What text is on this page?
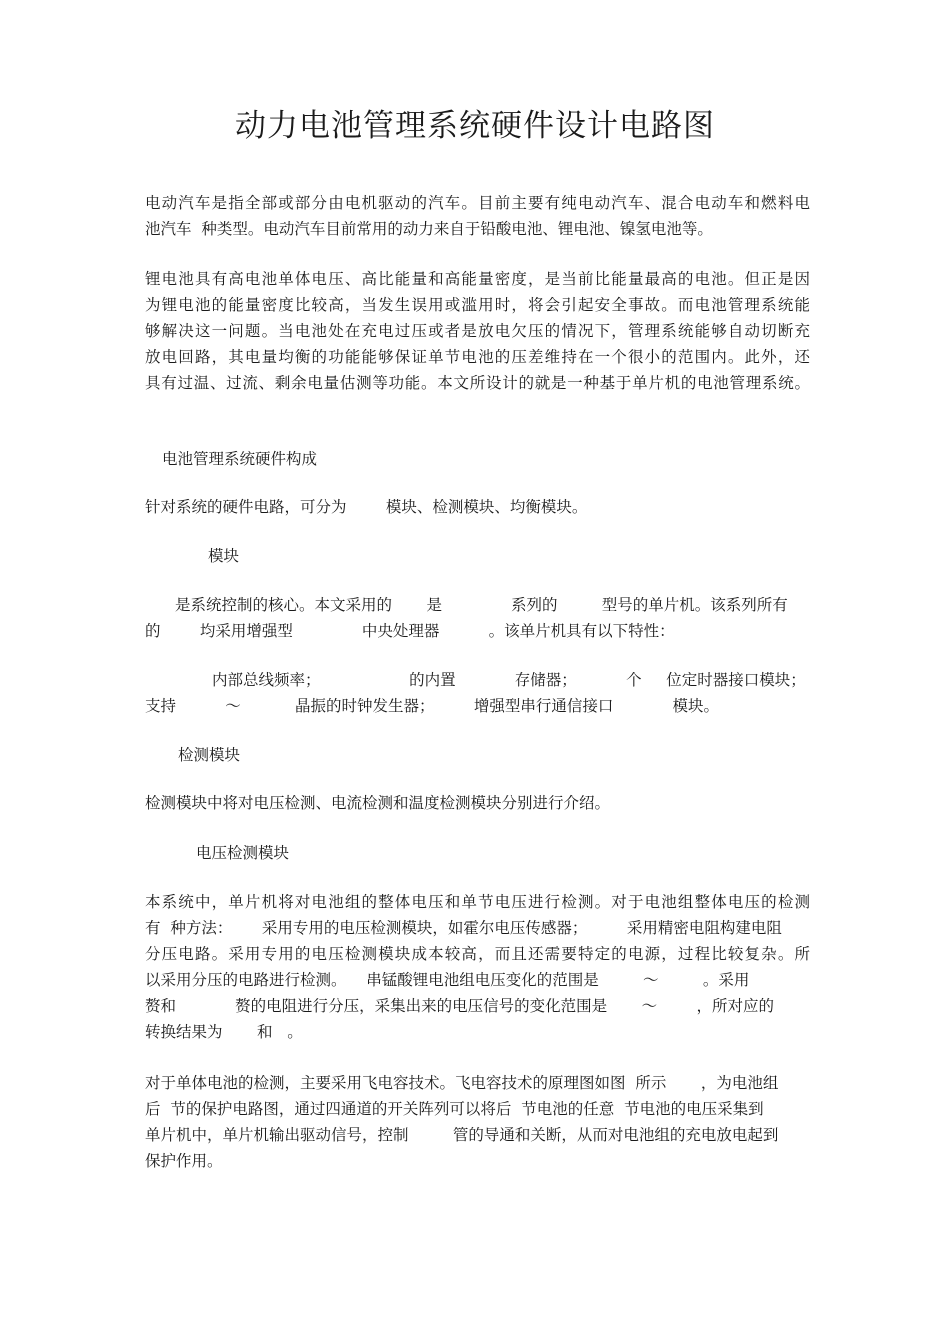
动力电池管理系统硬件设计电路图
电动汽车是指全部或部分由电机驱动的汽车。目前主要有纯电动汽车、混合电动车和燃料电
池汽车  种类型。电动汽车目前常用的动力来自于铅酸电池、锂电池、镍氢电池等。
锂电池具有高电池单体电压、高比能量和高能量密度，是当前比能量最高的电池。但正是因
为锂电池的能量密度比较高，当发生误用或滥用时，将会引起安全事故。而电池管理系统能
够解决这一问题。当电池处在充电过压或者是放电欠压的情况下，管理系统能够自动切断充
放电回路，其电量均衡的功能能够保证单节电池的压差维持在一个很小的范围内。此外，还
具有过温、过流、剩余电量估测等功能。本文所设计的就是一种基于单片机的电池管理系统。
电池管理系统硬件构成
针对系统的硬件电路，可分为        模块、检测模块、均衡模块。
模块
是系统控制的核心。本文采用的       是              系列的         型号的单片机。该系列所有
的        均采用增强型              中央处理器          。该单片机具有以下特性：
内部总线频率；                  的内置            存储器；          个     位定时器接口模块；
支持          ～           晶振的时钟发生器；        增强型串行通信接口            模块。
检测模块
检测模块中将对电压检测、电流检测和温度检测模块分别进行介绍。
电压检测模块
本系统中，单片机将对电池组的整体电压和单节电压进行检测。对于电池组整体电压的检测
有  种方法：      采用专用的电压检测模块，如霍尔电压传感器；        采用精密电阻构建电阻
分压电路。采用专用的电压检测模块成本较高，而且还需要特定的电源，过程比较复杂。所
以采用分压的电路进行检测。    串锰酸锂电池组电压变化的范围是         ～         。采用
赘和            赘的电阻进行分压，采集出来的电压信号的变化范围是       ～        ，所对应的
转换结果为       和   。
对于单体电池的检测，主要采用飞电容技术。飞电容技术的原理图如图  所示       ，为电池组
后  节的保护电路图，通过四通道的开关阵列可以将后  节电池的任意  节电池的电压采集到
单片机中，单片机输出驱动信号，控制         管的导通和关断，从而对电池组的充电放电起到
保护作用。
